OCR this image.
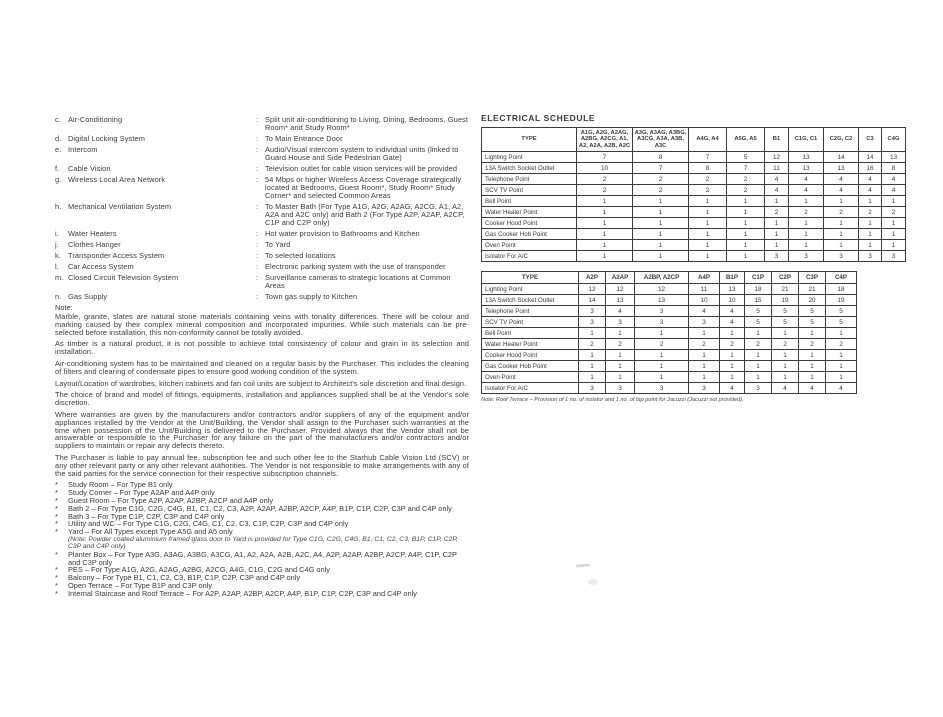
c. Air-Conditioning	: Split unit air-conditioning to Living, Dining, Bedrooms, Guest Room* and Study Room*
d. Digital Locking System	: To Main Entrance Door
e. Intercom	: Audio/Visual intercom system to individual units (linked to Guard House and Side Pedestrian Gate)
f.	Cable Vision	: Television outlet for cable vision services will be provided
g. Wireless Local Area Network	: 54 Mbps or higher Wireless Access Coverage strategically located at Bedrooms, Guest Room*, Study Room* Study Corner* and selected Common Areas
h. Mechanical Ventilation System	: To Master Bath (For Type A1G, A2G, A2AG, A2CG, A1, A2, A2A and A2C only) and Bath 2 (For Type A2P, A2AP, A2CP, C1P and C2P only)
i.	Water Heaters	: Hot water provision to Bathrooms and Kitchen
j.	Clothes Hanger	: To Yard
k. Transponder Access System	: To selected locations
l.	Car Access System	: Electronic parking system with the use of transponder
m. Closed Circuit Television System	: Surveillance cameras to strategic locations at Common Areas
n. Gas Supply	: Town gas supply to Kitchen
Note:

Marble, granite, slates are natural stone materials containing veins with tonality differences. There will be colour and marking caused by their complex mineral composition and incorporated impurities. While such materials can be pre-selected before installation, this non-conformity cannot be totally avoided.

As timber is a natural product, it is not possible to achieve total consistency of colour and grain in its selection and installation.

Air-conditioning system has to be maintained and cleaned on a regular basis by the Purchaser. This includes the cleaning of filters and clearing of condensate pipes to ensure good working condition of the system.

Layout/Location of wardrobes, kitchen cabinets and fan coil units are subject to Architect's sole discretion and final design.

The choice of brand and model of fittings, equipments, installation and appliances supplied shall be at the Vendor's sole discretion.

Where warranties are given by the manufacturers and/or contractors and/or suppliers of any of the equipment and/or appliances installed by the Vendor at the Unit/Building, the Vendor shall assign to the Purchaser such warranties at the time when possession of the Unit/Building is delivered to the Purchaser. Provided always that the Vendor shall not be answerable or responsible to the Purchaser for any failure on the part of the manufacturers and/or contractors and/or suppliers to maintain or repair any defects thereto.

The Purchaser is liable to pay annual fee, subscription fee and such other fee to the Starhub Cable Vision Ltd (SCV) or any other relevant party or any other relevant authorities. The Vendor is not responsible to make arrangements with any of the said parties for the service connection for their respective subscription channels.

*	Study Room – For Type B1 only
*	Study Corner – For Type A2AP and A4P only
*	Guest Room – For Type A2P, A2AP, A2BP, A2CP and A4P only
*	Bath 2 – For Type C1G, C2G, C4G, B1, C1, C2, C3, A2P, A2AP, A2BP, A2CP, A4P, B1P, C1P, C2P, C3P and C4P only
*	Bath 3 – For Type C1P, C2P, C3P and C4P only
*	Utility and WC – For Type C1G, C2G, C4G, C1, C2, C3, C1P, C2P, C3P and C4P only
*	Yard – For All Types except Type A5G and A5 only
(Note: Powder coated aluminium framed glass door to Yard is provided for Type C1G, C2G, C4G, B1, C1, C2, C3, B1P, C1P, C2P, C3P and C4P only)
*	Planter Box – For Type A3G, A3AG, A3BG, A3CG, A1, A2, A2A, A2B, A2C, A4, A2P, A2AP, A2BP, A2CP, A4P, C1P, C2P and C3P only
*	PES – For Type A1G, A2G, A2AG, A2BG, A2CG, A4G, C1G, C2G and C4G only
*	Balcony – For Type B1, C1, C2, C3, B1P, C1P, C2P, C3P and C4P only
*	Open Terrace – For Type B1P and C3P only
*	Internal Staircase and Roof Terrace – For A2P, A2AP, A2BP, A2CP, A4P, B1P, C1P, C2P, C3P and C4P only
ELECTRICAL SCHEDULE
TYPE	A1G, A2G, A2AG, A2BG, A2CG, A1, A2, A2A, A2B, A2C	A3G, A3AG, A3BG, A3CG, A3A, A3B, A3C	A4G, A4	A5G, A5	B1	C1G, C1	C2G, C2	C3	C4G
Lighting Point	7	8	7	5	12	13	14	14	13
13A Switch Socket Outlet	10	7	8	7	11	13	13	16	8
Telephone Point	2	2	2	2	4	4	4	4	4
SCV TV Point	2	2	2	2	4	4	4	4	4
Bell Point	1	1	1	1	1	1	1	1	1
Water Heater Point	1	1	1	1	2	2	2	2	2
Cooker Hood Point	1	1	1	1	1	1	1	1	1
Gas Cooker Hob Point	1	1	1	1	1	1	1	1	1
Oven Point	1	1	1	1	1	1	1	1	1
Isolator For A/C	1	1	1	1	3	3	3	3	3
TYPE	A2P	A2AP	A2BP, A2CP	A4P	B1P	C1P	C2P	C3P	C4P
Lighting Point	12	12	12	11	13	18	21	21	18
13A Switch Socket Outlet	14	13	13	10	10	15	19	20	19
Telephone Point	3	4	3	4	4	5	5	5	5
SCV TV Point	3	3	3	3	4	5	5	5	5
Bell Point	1	1	1	1	1	1	1	1	1
Water Heater Point	2	2	2	2	2	2	2	2	2
Cooker Hood Point	1	1	1	1	1	1	1	1	1
Gas Cooker Hob Point	1	1	1	1	1	1	1	1	1
Oven Point	1	1	1	1	1	1	1	1	1
Isolator For A/C	3	3	3	3	4	3	4	4	4
Note: Roof Terrace – Provision of 1 no. of isolator and 1 no. of tap point for Jacuzzi (Jacuzzi not provided).
